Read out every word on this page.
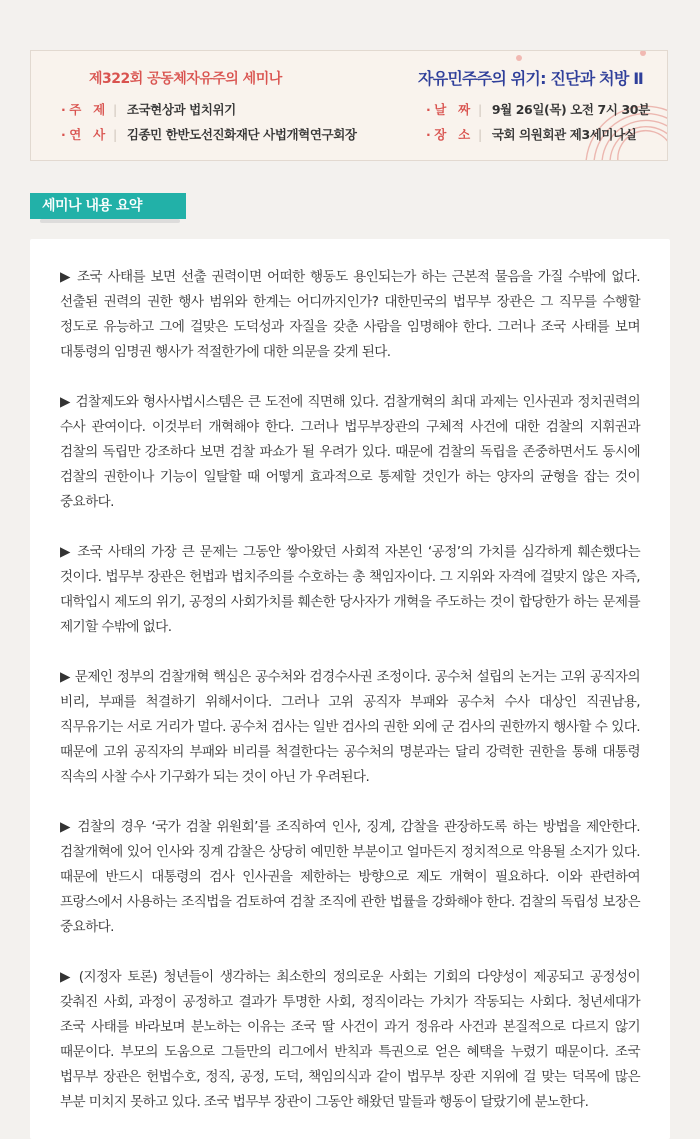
제322회 공동체자유주의 세미나	자유민주주의 위기: 진단과 처방 Ⅱ
· 주　제 | 조국현상과 법치위기
· 연　사 | 김종민 한반도선진화재단 사법개혁연구회장
· 날　짜 | 9월 26일(목) 오전 7시 30분
· 장　소 | 국회 의원회관 제3세미나실
세미나 내용 요약

▶ 조국 사태를 보면 선출 권력이면 어떠한 행동도 용인되는가 하는 근본적 물음을 가질 수밖에 없다. 선출된 권력의 권한 행사 범위와 한계는 어디까지인가? 대한민국의 법무부 장관은 그 직무를 수행할 정도로 유능하고 그에 걸맞은 도덕성과 자질을 갖춘 사람을 임명해야 한다. 그러나 조국 사태를 보며 대통령의 임명권 행사가 적절한가에 대한 의문을 갖게 된다.

▶ 검찰제도와 형사사법시스템은 큰 도전에 직면해 있다. 검찰개혁의 최대 과제는 인사권과 정치권력의 수사 관여이다. 이것부터 개혁해야 한다. 그러나 법무부장관의 구체적 사건에 대한 검찰의 지휘권과 검찰의 독립만 강조하다 보면 검찰 파쇼가 될 우려가 있다. 때문에 검찰의 독립을 존중하면서도 동시에 검찰의 권한이나 기능이 일탈할 때 어떻게 효과적으로 통제할 것인가 하는 양자의 균형을 잡는 것이 중요하다.

▶ 조국 사태의 가장 큰 문제는 그동안 쌓아왔던 사회적 자본인 ‘공정’의 가치를 심각하게 훼손했다는 것이다. 법무부 장관은 헌법과 법치주의를 수호하는 총 책임자이다. 그 지위와 자격에 걸맞지 않은 자즉, 대학입시 제도의 위기, 공정의 사회가치를 훼손한 당사자가 개혁을 주도하는 것이 합당한가 하는 문제를 제기할 수밖에 없다.

▶ 문제인 정부의 검찰개혁 핵심은 공수처와 검경수사권 조정이다. 공수처 설립의 논거는 고위 공직자의 비리, 부패를 척결하기 위해서이다. 그러나 고위 공직자 부패와 공수처 수사 대상인 직권남용, 직무유기는 서로 거리가 멀다. 공수처 검사는 일반 검사의 권한 외에 군 검사의 권한까지 행사할 수 있다. 때문에 고위 공직자의 부패와 비리를 척결한다는 공수처의 명분과는 달리 강력한 권한을 통해 대통령 직속의 사찰 수사 기구화가 되는 것이 아닌 가 우려된다.

▶ 검찰의 경우 ‘국가 검찰 위원회’를 조직하여 인사, 징계, 감찰을 관장하도록 하는 방법을 제안한다. 검찰개혁에 있어 인사와 징계 감찰은 상당히 예민한 부분이고 얼마든지 정치적으로 악용될 소지가 있다. 때문에 반드시 대통령의 검사 인사권을 제한하는 방향으로 제도 개혁이 필요하다. 이와 관련하여 프랑스에서 사용하는 조직법을 검토하여 검찰 조직에 관한 법률을 강화해야 한다. 검찰의 독립성 보장은 중요하다.

▶ (지정자 토론) 청년들이 생각하는 최소한의 정의로운 사회는 기회의 다양성이 제공되고 공정성이 갖춰진 사회, 과정이 공정하고 결과가 투명한 사회, 정직이라는 가치가 작동되는 사회다. 청년세대가 조국 사태를 바라보며 분노하는 이유는 조국 딸 사건이 과거 정유라 사건과 본질적으로 다르지 않기 때문이다. 부모의 도움으로 그들만의 리그에서 반칙과 특권으로 얻은 혜택을 누렸기 때문이다. 조국 법무부 장관은 헌법수호, 정직, 공정, 도덕, 책임의식과 같이 법무부 장관 지위에 걸 맞는 덕목에 많은 부분 미치지 못하고 있다. 조국 법무부 장관이 그동안 해왔던 말들과 행동이 달랐기에 분노한다.
